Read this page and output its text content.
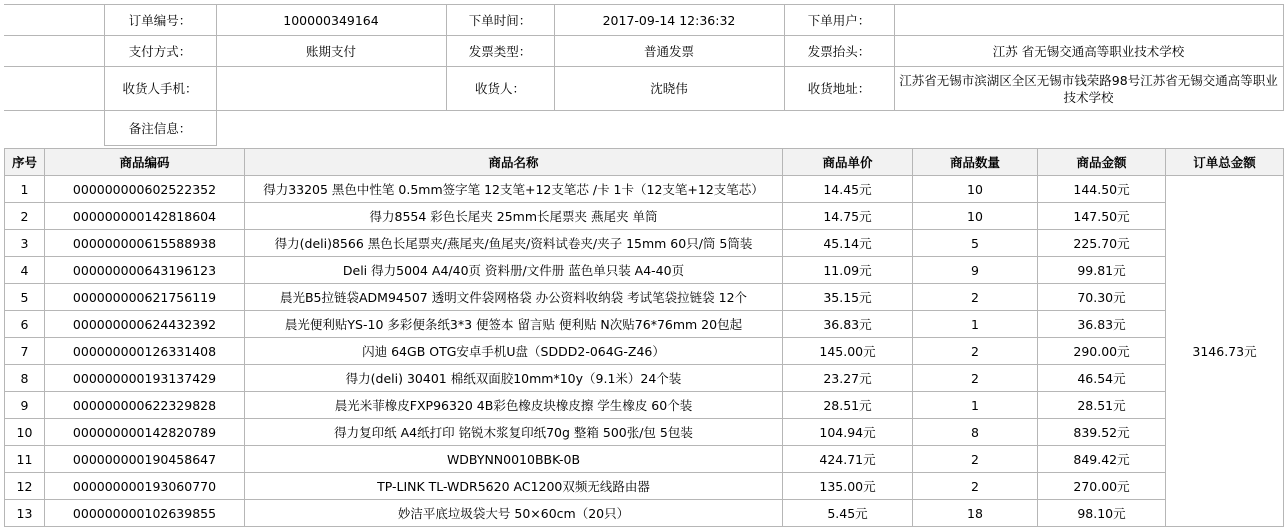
	订单编号：	100000349164	下单时间：	2017-09-14 12:36:32	下单用户：	
	支付方式：	账期支付	发票类型：	普通发票	发票抬头：	江苏 省无锡交通高等职业技术学校
	收货人手机：		收货人：	沈晓伟	收货地址：	江苏省无锡市滨湖区全区无锡市钱荣路98号江苏省无锡交通高等职业技术学校

	备注信息：					
序号	商品编码	商品名称	商品单价	商品数量	商品金额	订单总金额
1	000000000602522352	得力33205 黑色中性笔 0.5mm签字笔 12支笔+12支笔芯 /卡 1卡（12支笔+12支笔芯）	14.45元	10	144.50元	3146.73元
2	000000000142818604	得力8554 彩色长尾夹 25mm长尾票夹 燕尾夹 单筒	14.75元	10	147.50元	
3	000000000615588938	得力(deli)8566 黑色长尾票夹/燕尾夹/鱼尾夹/资料试卷夹/夹子 15mm 60只/筒 5筒装	45.14元	5	225.70元	
4	000000000643196123	Deli 得力5004 A4/40页 资料册/文件册 蓝色单只装 A4-40页	11.09元	9	99.81元	
5	000000000621756119	晨光B5拉链袋ADM94507 透明文件袋网格袋 办公资料收纳袋 考试笔袋拉链袋 12个	35.15元	2	70.30元	
6	000000000624432392	晨光便利贴YS-10 多彩便条纸3*3 便签本 留言贴 便利贴 N次贴76*76mm 20包起	36.83元	1	36.83元	
7	000000000126331408	闪迪 64GB OTG安卓手机U盘（SDDD2-064G-Z46）	145.00元	2	290.00元	
8	000000000193137429	得力(deli) 30401 棉纸双面胶10mm*10y（9.1米）24个装	23.27元	2	46.54元	
9	000000000622329828	晨光米菲橡皮FXP96320 4B彩色橡皮块橡皮擦 学生橡皮 60个装	28.51元	1	28.51元	
10	000000000142820789	得力复印纸 A4纸打印 铭锐木浆复印纸70g 整箱 500张/包 5包装	104.94元	8	839.52元	
11	000000000190458647	WDBYNN0010BBK-0B	424.71元	2	849.42元	
12	000000000193060770	TP-LINK TL-WDR5620 AC1200双频无线路由器	135.00元	2	270.00元	
13	000000000102639855	妙洁平底垃圾袋大号 50×60cm（20只）	5.45元	18	98.10元	
